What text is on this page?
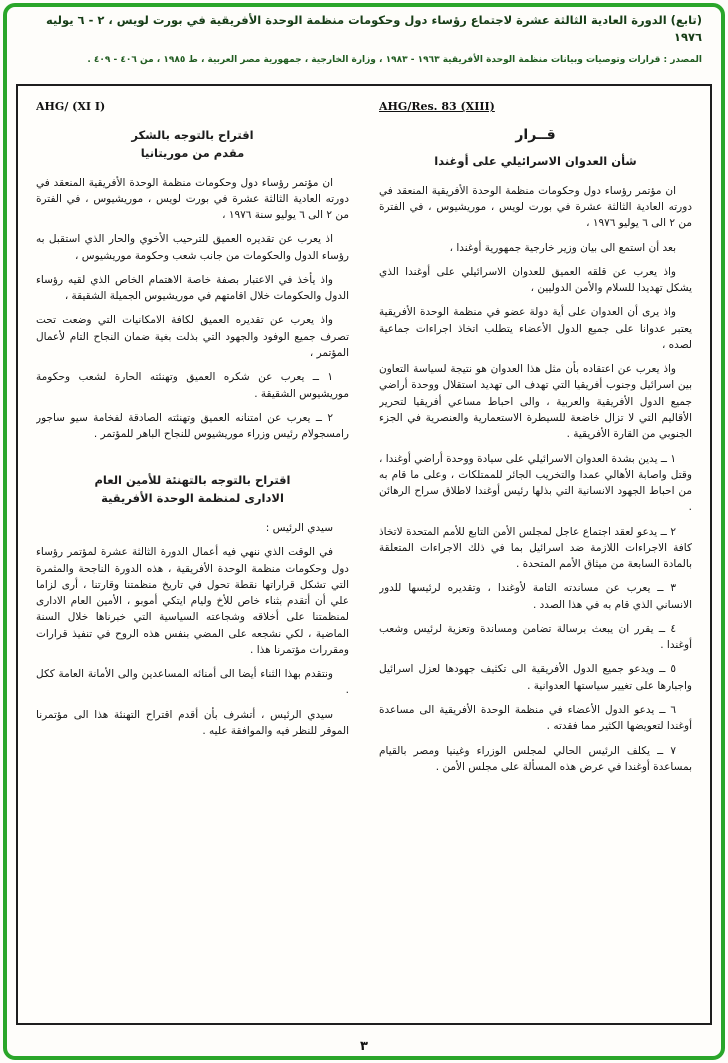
(تابع) الدورة العادية الثالثة عشرة لاجتماع رؤساء دول وحكومات منظمة الوحدة الأفريقية في بورت لويس ، ٢ - ٦ يوليه ١٩٧٦
المصدر : قرارات وتوصيات وبيانات منظمة الوحدة الأفريقية ١٩٦٣ - ١٩٨٣ ، وزارة الخارجية ، جمهورية مصر العربية ، ط ١٩٨٥ ، من ٤٠٦ - ٤٠٩ .
AHG/Res. 83 (XIII)
قــرار
شأن العدوان الاسرائيلي على أوغندا

ان مؤتمر رؤساء دول وحكومات منظمة الوحدة الأفريقية المنعقد في دورته العادية الثالثة عشرة في بورت لويس ، موريشيوس ، في الفترة من ٢ الى ٦ يوليو ١٩٧٦ ،

بعد أن استمع الى بيان وزير خارجية جمهورية أوغندا ،

واذ يعرب عن قلقه العميق للعدوان الاسرائيلي على أوغندا الذي يشكل تهديدا للسلام والأمن الدوليين ،

واذ يرى أن العدوان على أية دولة عضو في منظمة الوحدة الأفريقية يعتبر عدوانا على جميع الدول الأعضاء يتطلب اتخاذ اجراءات جماعية لصده ،

واذ يعرب عن اعتقاده بأن مثل هذا العدوان هو نتيجة لسياسة التعاون بين اسرائيل وجنوب أفريقيا التي تهدف الى تهديد استقلال ووحدة أراضي جميع الدول الأفريقية والعربية ، والى احباط مساعي أفريقيا لتحرير الأقاليم التي لا تزال خاضعة للسيطرة الاستعمارية والعنصرية في الجزء الجنوبي من القارة الأفريقية .

١ ــ يدين بشدة العدوان الاسرائيلي على سيادة ووحدة أراضي أوغندا ، وقتل واصابة الأهالي عمدا والتخريب الجائر للممتلكات ، وعلى ما قام به من احباط الجهود الانسانية التي بذلها رئيس أوغندا لاطلاق سراح الرهائن .

٢ ــ يدعو لعقد اجتماع عاجل لمجلس الأمن التابع للأمم المتحدة لاتخاذ كافة الاجراءات اللازمة ضد اسرائيل بما في ذلك الاجراءات المتعلقة بالمادة السابعة من ميثاق الأمم المتحدة .

٣ ــ يعرب عن مساندته التامة لأوغندا ، وتقديره لرئيسها للدور الانساني الذي قام به في هذا الصدد .

٤ ــ يقرر ان يبعث برسالة تضامن ومساندة وتعزية لرئيس وشعب أوغندا .

٥ ــ ويدعو جميع الدول الأفريقية الى تكثيف جهودها لعزل اسرائيل واجبارها على تغيير سياستها العدوانية .

٦ ــ يدعو الدول الأعضاء في منظمة الوحدة الأفريقية الى مساعدة أوغندا لتعويضها الكثير مما فقدته .

٧ ــ يكلف الرئيس الحالي لمجلس الوزراء وغينيا ومصر بالقيام بمساعدة أوغندا في عرض هذه المسألة على مجلس الأمن .

AHG/ (XI I)
اقتراح بالتوجه بالشكر
مقدم من موريتانيا

ان مؤتمر رؤساء دول وحكومات منظمة الوحدة الأفريقية المنعقد في دورته العادية الثالثة عشرة في بورت لويس ، موريشيوس ، في الفترة من ٢ الى ٦ يوليو سنة ١٩٧٦ ،

اذ يعرب عن تقديره العميق للترحيب الأخوي والحار الذي استقبل به رؤساء الدول والحكومات من جانب شعب وحكومة موريشيوس ،

واذ يأخذ في الاعتبار بصفة خاصة الاهتمام الخاص الذي لقيه رؤساء الدول والحكومات خلال اقامتهم في موريشيوس الجميلة الشقيقة ،

واذ يعرب عن تقديره العميق لكافة الامكانيات التي وضعت تحت تصرف جميع الوفود والجهود التي بذلت بغية ضمان النجاح التام لأعمال المؤتمر ،

١ ــ يعرب عن شكره العميق وتهنئته الحارة لشعب وحكومة موريشيوس الشقيقة .

٢ ــ يعرب عن امتنانه العميق وتهنئته الصادقة لفخامة سيو ساجور رامسجولام رئيس وزراء موريشيوس للنجاح الباهر للمؤتمر .

اقتراح بالتوجه بالتهنئة للأمين العام
الادارى لمنظمة الوحدة الأفريقية

سيدي الرئيس :

في الوقت الذي ننهي فيه أعمال الدورة الثالثة عشرة لمؤتمر رؤساء دول وحكومات منظمة الوحدة الأفريقية ، هذه الدورة الناجحة والمثمرة التي تشكل قراراتها نقطة تحول في تاريخ منظمتنا وقارتنا ، أرى لزاما علي أن أتقدم بثناء خاص للأخ وليام ايتكي أموبو ، الأمين العام الادارى لمنظمتنا على أخلاقه وشجاعته السياسية التي خبرناها خلال السنة الماضية ، لكي نشجعه على المضي بنفس هذه الروح في تنفيذ قرارات ومقررات مؤتمرنا هذا .

ونتقدم بهذا الثناء أيضا الى أمنائه المساعدين والى الأمانة العامة ككل .

سيدي الرئيس ، أتشرف بأن أقدم اقتراح التهنئة هذا الى مؤتمرنا الموقر للنظر فيه والموافقة عليه .

٣
